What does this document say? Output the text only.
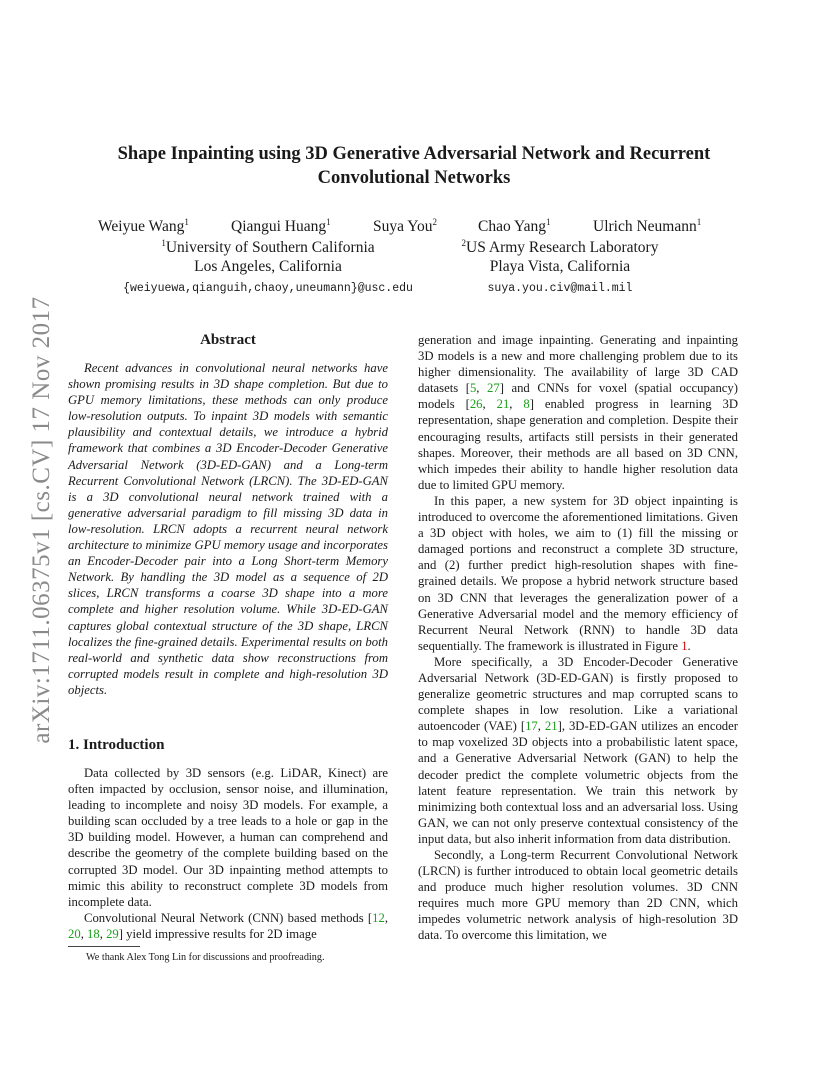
arXiv:1711.06375v1 [cs.CV] 17 Nov 2017
Shape Inpainting using 3D Generative Adversarial Network and Recurrent
Convolutional Networks
Weiyue Wang$^1$	Qiangui Huang$^1$	Suya You$^2$	Chao Yang$^1$	Ulrich Neumann$^1$
$^1$University of Southern California
Los Angeles, California
{weiyuewa,qianguih,chaoy,uneumann}@usc.edu
$^2$US Army Research Laboratory
Playa Vista, California
suya.you.civ@mail.mil
Abstract

Recent advances in convolutional neural networks have shown promising results in 3D shape completion. But due to GPU memory limitations, these methods can only produce low-resolution outputs. To inpaint 3D models with semantic plausibility and contextual details, we introduce a hybrid framework that combines a 3D Encoder-Decoder Generative Adversarial Network (3D-ED-GAN) and a Long-term Recurrent Convolutional Network (LRCN). The 3D-ED-GAN is a 3D convolutional neural network trained with a generative adversarial paradigm to fill missing 3D data in low-resolution. LRCN adopts a recurrent neural network architecture to minimize GPU memory usage and incorporates an Encoder-Decoder pair into a Long Short-term Memory Network. By handling the 3D model as a sequence of 2D slices, LRCN transforms a coarse 3D shape into a more complete and higher resolution volume. While 3D-ED-GAN captures global contextual structure of the 3D shape, LRCN localizes the fine-grained details. Experimental results on both real-world and synthetic data show reconstructions from corrupted models result in complete and high-resolution 3D objects.

1. Introduction

Data collected by 3D sensors (e.g. LiDAR, Kinect) are often impacted by occlusion, sensor noise, and illumination, leading to incomplete and noisy 3D models. For example, a building scan occluded by a tree leads to a hole or gap in the 3D building model. However, a human can comprehend and describe the geometry of the complete building based on the corrupted 3D model. Our 3D inpainting method attempts to mimic this ability to reconstruct complete 3D models from incomplete data.

Convolutional Neural Network (CNN) based methods [12, 20, 18, 29] yield impressive results for 2D image

We thank Alex Tong Lin for discussions and proofreading.

generation and image inpainting. Generating and inpainting 3D models is a new and more challenging problem due to its higher dimensionality. The availability of large 3D CAD datasets [5, 27] and CNNs for voxel (spatial occupancy) models [26, 21, 8] enabled progress in learning 3D representation, shape generation and completion. Despite their encouraging results, artifacts still persists in their generated shapes. Moreover, their methods are all based on 3D CNN, which impedes their ability to handle higher resolution data due to limited GPU memory.

In this paper, a new system for 3D object inpainting is introduced to overcome the aforementioned limitations. Given a 3D object with holes, we aim to (1) fill the missing or damaged portions and reconstruct a complete 3D structure, and (2) further predict high-resolution shapes with fine-grained details. We propose a hybrid network structure based on 3D CNN that leverages the generalization power of a Generative Adversarial model and the memory efficiency of Recurrent Neural Network (RNN) to handle 3D data sequentially. The framework is illustrated in Figure 1.

More specifically, a 3D Encoder-Decoder Generative Adversarial Network (3D-ED-GAN) is firstly proposed to generalize geometric structures and map corrupted scans to complete shapes in low resolution. Like a variational autoencoder (VAE) [17, 21], 3D-ED-GAN utilizes an encoder to map voxelized 3D objects into a probabilistic latent space, and a Generative Adversarial Network (GAN) to help the decoder predict the complete volumetric objects from the latent feature representation. We train this network by minimizing both contextual loss and an adversarial loss. Using GAN, we can not only preserve contextual consistency of the input data, but also inherit information from data distribution.

Secondly, a Long-term Recurrent Convolutional Network (LRCN) is further introduced to obtain local geometric details and produce much higher resolution volumes. 3D CNN requires much more GPU memory than 2D CNN, which impedes volumetric network analysis of high-resolution 3D data. To overcome this limitation, we
